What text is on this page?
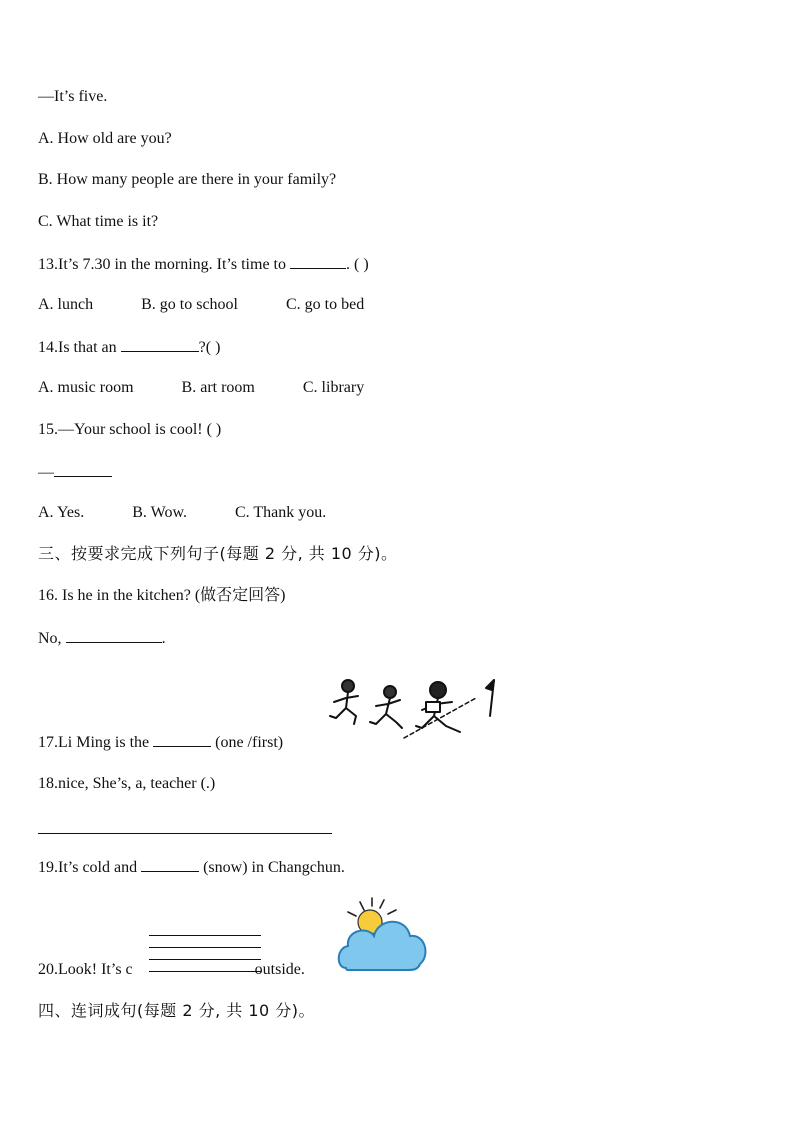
—It’s five.
A. How old are you?
B. How many people are there in your family?
C. What time is it?
13.It’s 7.30 in the morning. It’s time to	. ( )
A. lunch	B. go to school	C. go to bed
14.Is that an	?( )
A. music room	B. art room	C. library
15.—Your school is cool! ( )
—
A. Yes.	B. Wow.	C. Thank you.
三、按要求完成下列句子(每题 2 分, 共 10 分)。
16. Is he in the kitchen? (做否定回答)
No,	.
17.Li Ming is the	(one /first)
18.nice, She’s, a, teacher (.)
19.It’s cold and	(snow) in Changchun.
20.Look! It’s c	outside.
四、连词成句(每题 2 分, 共 10 分)。
